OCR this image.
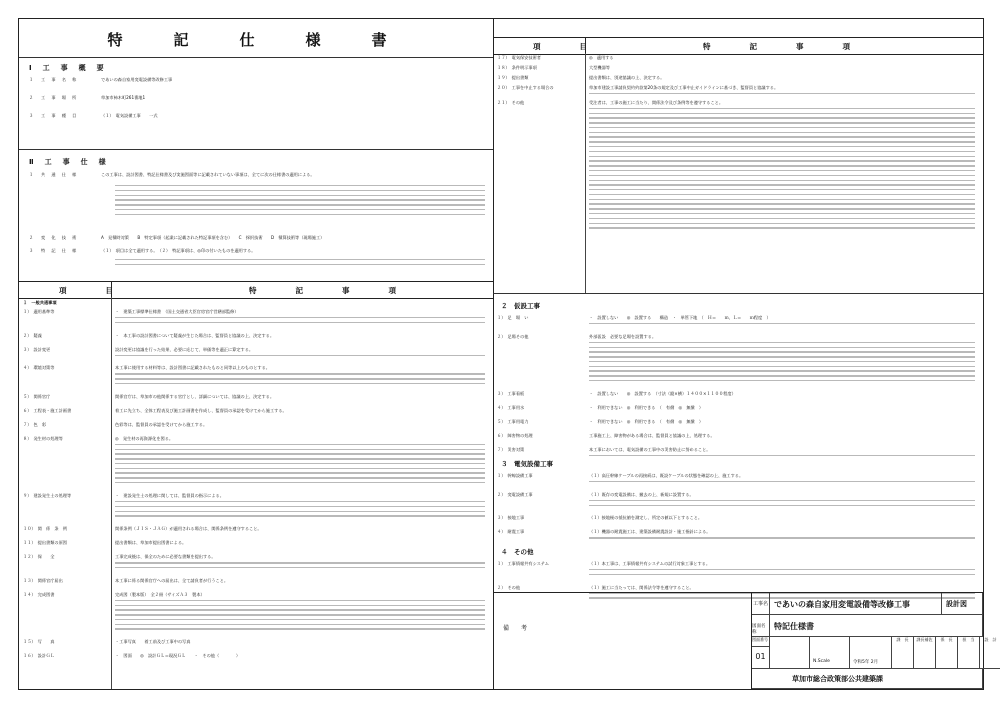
特　記　仕　様　書
Ⅰ　工　事　概　要
１ 工　事　名　称	であいの森自家用変電設備等改修工事
２ 工　事　場　所	草加市柿木町261番地1
３ 工　事　種　目	（１）　電気設備工事　　一式
Ⅱ　工　事　仕　様
１ 共　通　仕　様	この工事は、設計図書、特記仕様書及び実施図面等に記載されていない事項は、全てに次の仕様書の適用による。
２ 変　化　技　術	A　見積時対策　　B　特定事項（起業に記載された特記事項を含む）　　C　採択技術　　D　積算技術等（現場施工）
３ 特　記　仕　様	（１）　項目は全て適用する。　（２）　特記事項は、◎印の付いたものを適用する。
項　　目	特　　記　　事　　項
１　一般共通事項
１）　適用基準等	・　建築工事標準仕様書　（国土交通省大臣官房官庁営繕部監修）
２）　疑義	・　本工事の設計図書について疑義が生じた場合は、監督員と協議の上、決定する。
３）　設計変更	設計変更は協議を行った結果、必要に応じて、単価等を適正に算定する。
４）　環境対策等	本工事に使用する材料等は、設計図書に記載されたものと同等以上のものとする。
５）　関係官庁	関係官庁は、草加市の他関係する官庁とし、詳細については、協議の上、決定する。
６）　工程表・施工計画書	着工に先立ち、全体工程表及び施工計画書を作成し、監督員の承認を受けてから施工する。
７）　色　彩	色彩等は、監督員の承認を受けてから施工する。
８）　発生材の処理等	◎　発生材の再資源化を図る。
９）　建設発生土の処理等	・　建設発生土の処理に関しては、監督員の指示による。
１０）　関　係　条　例	関係条例（ＪＩＳ・ＪＡＧ）が適用される場合は、関係条例を遵守すること。
１１）　提出書類の原図	提出書類は、草加市提出図書による。
１２）　保　　全	工事完成後は、保全のために必要な書類を提出する。
１３）　関係官庁届出	本工事に係る関係官庁への届出は、全て請負者が行うこと。
１４）　完成図書	完成図（製本版）　全２冊（サイズＡ３　製本）
１５）　写　　真	・工事写真　　着工前及び工事中の写真
１６）　設計ＧＬ	・　図面　　◎　設計ＧＬ＝現況ＧＬ　　・　その他（　　　　）
項　　目	特　　記　　事　　項
１７）　電気保安技術者	◎　適用する
１８）　条件明示事項	大型機器等
１９）　提出書類	提出書類は、別途協議の上、決定する。
２０）　工事を中止する場合の	草加市建設工事請負契約約款第20条の規定及び工事中止ガイドラインに基づき、監督員と協議する。
２１）　その他	受注者は、工事の施工に当たり、関係法令及び条例等を遵守すること。
２　仮設工事
１）　足　場　い	・　設置しない　　◎　設置する　　構造　・　単管下地　（　Ｈ＝　　ｍ、Ｌ＝　　ｍ程度　）
２）　足場その他	外部仮設　必要な足場を設置する。
３）　工事看板	・　設置しない　　◎　設置する　（寸法（縦×横）１４００×１１００程度）
４）　工事用水	・　利用できない　◎　利用できる　（　有償　◎　無償　）
５）　工事用電力	・　利用できない　◎　利用できる　（　有償　◎　無償　）
６）　障害物の処理	工事施工上、障害物がある場合は、監督員と協議の上、処理する。
７）　災害対策	本工事においては、電気設備の工事中の災害防止に努めること。
３　電気設備工事
１）　幹線設備工事	（１）高圧幹線ケーブルの再接続は、既設ケーブルの状態を確認の上、施工する。
２）　変電設備工事	（１）既存の変電設備は、撤去の上、新規に設置する。
３）　接地工事	（１）接地極の抵抗値を測定し、所定の値以下とすること。
４）　耐震工事	（１）機器の耐震施工は、建築設備耐震設計・施工指針による。
４　その他
１）　工事情報共有システム	（１）本工事は、工事情報共有システムの試行対象工事とする。
２）　その他	（１）施工に当たっては、関係法令等を遵守すること。
備　　考
工事名 であいの森自家用変電設備等改修工事	設計図
図面名称
特記仕様書
図面番号
01
N.Scale	令和5年 2月
課　長	課長補佐	係　長	担　当	設　計
草加市総合政策部公共建築課
